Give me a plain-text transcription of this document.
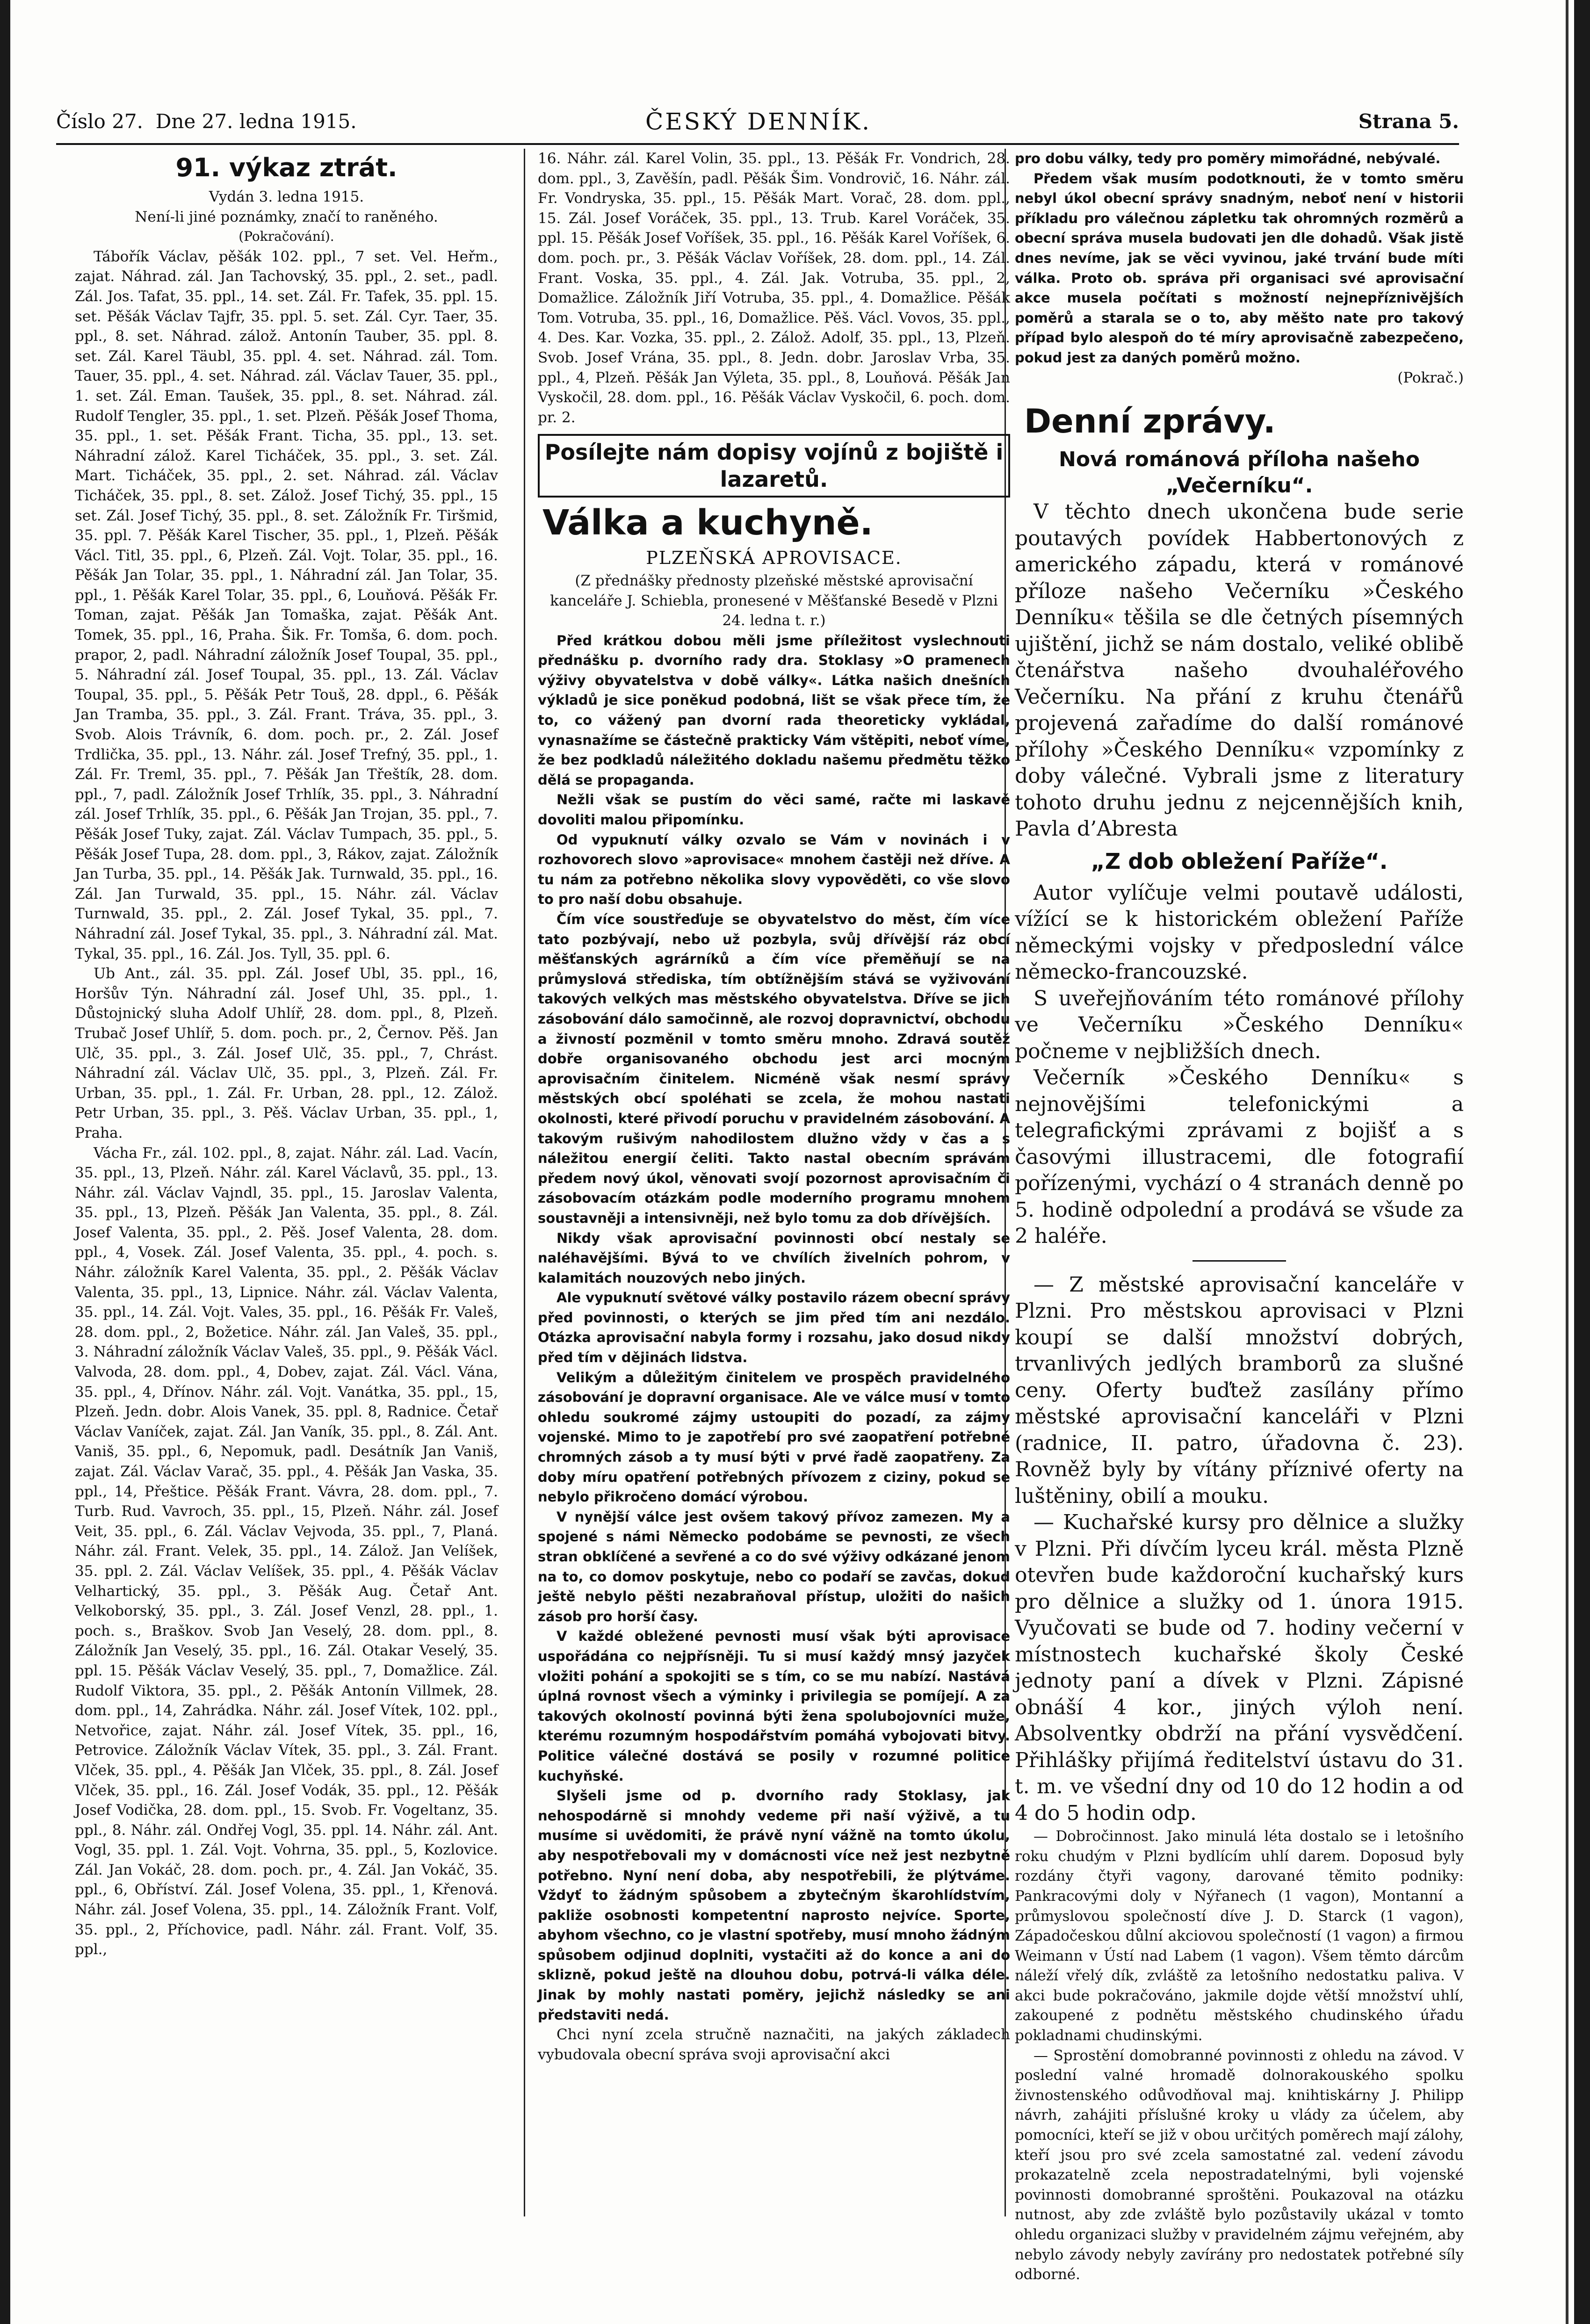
Číslo 27. Dne 27. ledna 1915.	ČESKÝ DENNÍK.	Strana 5.
91. výkaz ztrát.
Vydán 3. ledna 1915.
Není-li jiné poznámky, značí to raněného.
(Pokračování).

Tábořík Václav, pěšák 102. ppl., 7 set. Vel. Heřm., zajat. Náhrad. zál. Jan Tachovský, 35. ppl., 2. set., padl. Zál. Jos. Tafat, 35. ppl., 14. set. Zál. Fr. Tafek, 35. ppl. 15. set. Pěšák Václav Tajfr, 35. ppl. 5. set. Zál. Cyr. Taer, 35. ppl., 8. set. Náhrad. zálož. Antonín Tauber, 35. ppl. 8. set. Zál. Karel Täubl, 35. ppl. 4. set. Náhrad. zál. Tom. Tauer, 35. ppl., 4. set. Náhrad. zál. Václav Tauer, 35. ppl., 1. set. Zál. Eman. Taušek, 35. ppl., 8. set. Náhrad. zál. Rudolf Tengler, 35. ppl., 1. set. Plzeň. Pěšák Josef Thoma, 35. ppl., 1. set. Pěšák Frant. Ticha, 35. ppl., 13. set. Náhradní zálož. Karel Ticháček, 35. ppl., 3. set. Zál. Mart. Ticháček, 35. ppl., 2. set. Náhrad. zál. Václav Ticháček, 35. ppl., 8. set. Zálož. Josef Tichý, 35. ppl., 15 set. Zál. Josef Tichý, 35. ppl., 8. set. Záložník Fr. Tiršmid, 35. ppl. 7. Pěšák Karel Tischer, 35. ppl., 1, Plzeň. Pěšák Václ. Titl, 35. ppl., 6, Plzeň. Zál. Vojt. Tolar, 35. ppl., 16. Pěšák Jan Tolar, 35. ppl., 1. Náhradní zál. Jan Tolar, 35. ppl., 1. Pěšák Karel Tolar, 35. ppl., 6, Louňová. Pěšák Fr. Toman, zajat. Pěšák Jan Tomaška, zajat. Pěšák Ant. Tomek, 35. ppl., 16, Praha. Šik. Fr. Tomša, 6. dom. poch. prapor, 2, padl. Náhradní záložník Josef Toupal, 35. ppl., 5. Náhradní zál. Josef Toupal, 35. ppl., 13. Zál. Václav Toupal, 35. ppl., 5. Pěšák Petr Touš, 28. dppl., 6. Pěšák Jan Tramba, 35. ppl., 3. Zál. Frant. Tráva, 35. ppl., 3. Svob. Alois Trávník, 6. dom. poch. pr., 2. Zál. Josef Trdlička, 35. ppl., 13. Náhr. zál. Josef Trefný, 35. ppl., 1. Zál. Fr. Treml, 35. ppl., 7. Pěšák Jan Třeštík, 28. dom. ppl., 7, padl. Záložník Josef Trhlík, 35. ppl., 3. Náhradní zál. Josef Trhlík, 35. ppl., 6. Pěšák Jan Trojan, 35. ppl., 7. Pěšák Josef Tuky, zajat. Zál. Václav Tumpach, 35. ppl., 5. Pěšák Josef Tupa, 28. dom. ppl., 3, Rákov, zajat. Záložník Jan Turba, 35. ppl., 14. Pěšák Jak. Turnwald, 35. ppl., 16. Zál. Jan Turwald, 35. ppl., 15. Náhr. zál. Václav Turnwald, 35. ppl., 2. Zál. Josef Tykal, 35. ppl., 7. Náhradní zál. Josef Tykal, 35. ppl., 3. Náhradní zál. Mat. Tykal, 35. ppl., 16. Zál. Jos. Tyll, 35. ppl. 6.

Ub Ant., zál. 35. ppl. Zál. Josef Ubl, 35. ppl., 16, Horšův Týn. Náhradní zál. Josef Uhl, 35. ppl., 1. Důstojnický sluha Adolf Uhlíř, 28. dom. ppl., 8, Plzeň. Trubač Josef Uhlíř, 5. dom. poch. pr., 2, Černov. Pěš. Jan Ulč, 35. ppl., 3. Zál. Josef Ulč, 35. ppl., 7, Chrást. Náhradní zál. Václav Ulč, 35. ppl., 3, Plzeň. Zál. Fr. Urban, 35. ppl., 1. Zál. Fr. Urban, 28. ppl., 12. Zálož. Petr Urban, 35. ppl., 3. Pěš. Václav Urban, 35. ppl., 1, Praha.

Vácha Fr., zál. 102. ppl., 8, zajat. Náhr. zál. Lad. Vacín, 35. ppl., 13, Plzeň. Náhr. zál. Karel Václavů, 35. ppl., 13. Náhr. zál. Václav Vajndl, 35. ppl., 15. Jaroslav Valenta, 35. ppl., 13, Plzeň. Pěšák Jan Valenta, 35. ppl., 8. Zál. Josef Valenta, 35. ppl., 2. Pěš. Josef Valenta, 28. dom. ppl., 4, Vosek. Zál. Josef Valenta, 35. ppl., 4. poch. s. Náhr. záložník Karel Valenta, 35. ppl., 2. Pěšák Václav Valenta, 35. ppl., 13, Lipnice. Náhr. zál. Václav Valenta, 35. ppl., 14. Zál. Vojt. Vales, 35. ppl., 16. Pěšák Fr. Valeš, 28. dom. ppl., 2, Božetice. Náhr. zál. Jan Valeš, 35. ppl., 3. Náhradní záložník Václav Valeš, 35. ppl., 9. Pěšák Václ. Valvoda, 28. dom. ppl., 4, Dobev, zajat. Zál. Václ. Vána, 35. ppl., 4, Dřínov. Náhr. zál. Vojt. Vanátka, 35. ppl., 15, Plzeň. Jedn. dobr. Alois Vanek, 35. ppl. 8, Radnice. Četař Václav Vaníček, zajat. Zál. Jan Vaník, 35. ppl., 8. Zál. Ant. Vaniš, 35. ppl., 6, Nepomuk, padl. Desátník Jan Vaniš, zajat. Zál. Václav Varač, 35. ppl., 4. Pěšák Jan Vaska, 35. ppl., 14, Přeštice. Pěšák Frant. Vávra, 28. dom. ppl., 7. Turb. Rud. Vavroch, 35. ppl., 15, Plzeň. Náhr. zál. Josef Veit, 35. ppl., 6. Zál. Václav Vejvoda, 35. ppl., 7, Planá. Náhr. zál. Frant. Velek, 35. ppl., 14. Zálož. Jan Velíšek, 35. ppl. 2. Zál. Václav Velíšek, 35. ppl., 4. Pěšák Václav Velhartický, 35. ppl., 3. Pěšák Aug. Četař Ant. Velkoborský, 35. ppl., 3. Zál. Josef Venzl, 28. ppl., 1. poch. s., Braškov. Svob Jan Veselý, 28. dom. ppl., 8. Záložník Jan Veselý, 35. ppl., 16. Zál. Otakar Veselý, 35. ppl. 15. Pěšák Václav Veselý, 35. ppl., 7, Domažlice. Zál. Rudolf Viktora, 35. ppl., 2. Pěšák Antonín Villmek, 28. dom. ppl., 14, Zahrádka. Náhr. zál. Josef Vítek, 102. ppl., Netvořice, zajat. Náhr. zál. Josef Vítek, 35. ppl., 16, Petrovice. Záložník Václav Vítek, 35. ppl., 3. Zál. Frant. Vlček, 35. ppl., 4. Pěšák Jan Vlček, 35. ppl., 8. Zál. Josef Vlček, 35. ppl., 16. Zál. Josef Vodák, 35. ppl., 12. Pěšák Josef Vodička, 28. dom. ppl., 15. Svob. Fr. Vogeltanz, 35. ppl., 8. Náhr. zál. Ondřej Vogl, 35. ppl. 14. Náhr. zál. Ant. Vogl, 35. ppl. 1. Zál. Vojt. Vohrna, 35. ppl., 5, Kozlovice. Zál. Jan Vokáč, 28. dom. poch. pr., 4. Zál. Jan Vokáč, 35. ppl., 6, Obříství. Zál. Josef Volena, 35. ppl., 1, Křenová. Náhr. zál. Josef Volena, 35. ppl., 14. Záložník Frant. Volf, 35. ppl., 2, Příchovice, padl. Náhr. zál. Frant. Volf, 35. ppl.,

16. Náhr. zál. Karel Volin, 35. ppl., 13. Pěšák Fr. Vondrich, 28. dom. ppl., 3, Zavěšín, padl. Pěšák Šim. Vondrovič, 16. Náhr. zál. Fr. Vondryska, 35. ppl., 15. Pěšák Mart. Vorač, 28. dom. ppl., 15. Zál. Josef Voráček, 35. ppl., 13. Trub. Karel Voráček, 35. ppl. 15. Pěšák Josef Voříšek, 35. ppl., 16. Pěšák Karel Voříšek, 6. dom. poch. pr., 3. Pěšák Václav Voříšek, 28. dom. ppl., 14. Zál. Frant. Voska, 35. ppl., 4. Zál. Jak. Votruba, 35. ppl., 2, Domažlice. Záložník Jiří Votruba, 35. ppl., 4. Domažlice. Pěšák Tom. Votruba, 35. ppl., 16, Domažlice. Pěš. Václ. Vovos, 35. ppl., 4. Des. Kar. Vozka, 35. ppl., 2. Zálož. Adolf, 35. ppl., 13, Plzeň. Svob. Josef Vrána, 35. ppl., 8. Jedn. dobr. Jaroslav Vrba, 35. ppl., 4, Plzeň. Pěšák Jan Výleta, 35. ppl., 8, Louňová. Pěšák Jan Vyskočil, 28. dom. ppl., 16. Pěšák Václav Vyskočil, 6. poch. dom. pr. 2.

Posílejte nám dopisy vojínů z bojiště i lazaretů.
Válka a kuchyně.
PLZEŇSKÁ APROVISACE.

(Z přednášky přednosty plzeňské městské aprovisační kanceláře J. Schiebla, pronesené v Měšťanské Besedě v Plzni 24. ledna t. r.)

Před krátkou dobou měli jsme příležitost vyslechnouti přednášku p. dvorního rady dra. Stoklasy »O pramenech výživy obyvatelstva v době války«. Látka našich dnešních výkladů je sice poněkud podobná, lišt se však přece tím, že to, co vážený pan dvorní rada theoreticky vykládal, vynasnažíme se částečně prakticky Vám vštěpiti, neboť víme, že bez podkladů náležitého dokladu našemu předmětu těžko dělá se propaganda.

Nežli však se pustím do věci samé, račte mi laskavě dovoliti malou připomínku.

Od vypuknutí války ozvalo se Vám v novinách i v rozhovorech slovo »aprovisace« mnohem častěji než dříve. A tu nám za potřebno několika slovy vypověděti, co vše slovo to pro naší dobu obsahuje.

Čím více soustřeďuje se obyvatelstvo do měst, čím více tato pozbývají, nebo už pozbyla, svůj dřívější ráz obcí měšťanských agrárníků a čím více přeměňují se na průmyslová střediska, tím obtížnějším stává se vyživování takových velkých mas městského obyvatelstva. Dříve se jich zásobování dálo samočinně, ale rozvoj dopravnictví, obchodu a živností pozměnil v tomto směru mnoho. Zdravá soutěž dobře organisovaného obchodu jest arci mocným aprovisačním činitelem. Nicméně však nesmí správy městských obcí spoléhati se zcela, že mohou nastati okolnosti, které přivodí poruchu v pravidelném zásobování. A takovým rušivým nahodilostem dlužno vždy v čas a s náležitou energií čeliti. Takto nastal obecním správám předem nový úkol, věnovati svojí pozornost aprovisačním či zásobovacím otázkám podle moderního programu mnohem soustavněji a intensivněji, než bylo tomu za dob dřívějších.

Nikdy však aprovisační povinnosti obcí nestaly se naléhavějšími. Bývá to ve chvílích živelních pohrom, v kalamitách nouzových nebo jiných.

Ale vypuknutí světové války postavilo rázem obecní správy před povinnosti, o kterých se jim před tím ani nezdálo. Otázka aprovisační nabyla formy i rozsahu, jako dosud nikdy před tím v dějinách lidstva.

Velikým a důležitým činitelem ve prospěch pravidelného zásobování je dopravní organisace. Ale ve válce musí v tomto ohledu soukromé zájmy ustoupiti do pozadí, za zájmy vojenské. Mimo to je zapotřebí pro své zaopatření potřebné chromných zásob a ty musí býti v prvé řadě zaopatřeny. Za doby míru opatření potřebných přívozem z ciziny, pokud se nebylo přikročeno domácí výrobou.

V nynější válce jest ovšem takový přívoz zamezen. My a spojené s námi Německo podobáme se pevnosti, ze všech stran obklíčené a sevřené a co do své výživy odkázané jenom na to, co domov poskytuje, nebo co podaří se zavčas, dokud ještě nebylo pěšti nezabraňoval přístup, uložiti do našich zásob pro horší časy.

V každé obležené pevnosti musí však býti aprovisace uspořádána co nejpřísněji. Tu si musí každý mnsý jazyček vložiti pohání a spokojiti se s tím, co se mu nabízí. Nastává úplná rovnost všech a výminky i privilegia se pomíjejí. A za takových okolností povinná býti žena spolubojovníci muže, kterému rozumným hospodářstvím pomáhá vybojovati bitvy. Politice válečné dostává se posily v rozumné politice kuchyňské.

Slyšeli jsme od p. dvorního rady Stoklasy, jak nehospodárně si mnohdy vedeme při naší výživě, a tu musíme si uvědomiti, že právě nyní vážně na tomto úkolu, aby nespotřebovali my v domácnosti více než jest nezbytně potřebno. Nyní není doba, aby nespotřebili, že plýtváme. Vždyť to žádným spůsobem a zbytečným škarohlídstvím, pakliže osobnosti kompetentní naprosto nejvíce. Sporte, abyhom všechno, co je vlastní spotřeby, musí mnoho žádným spůsobem odjinud doplniti, vystačiti až do konce a ani do sklizně, pokud ještě na dlouhou dobu, potrvá-li válka déle. Jinak by mohly nastati poměry, jejichž následky se ani představiti nedá.

Chci nyní zcela stručně naznačiti, na jakých základech vybudovala obecní správa svoji aprovisační akci

pro dobu války, tedy pro poměry mimořádné, nebývalé.

Předem však musím podotknouti, že v tomto směru nebyl úkol obecní správy snadným, neboť není v historii příkladu pro válečnou zápletku tak ohromných rozměrů a obecní správa musela budovati jen dle dohadů. Však jistě dnes nevíme, jak se věci vyvinou, jaké trvání bude míti válka. Proto ob. správa při organisaci své aprovisační akce musela počítati s možností nejnepříznivějších poměrů a starala se o to, aby měšto nate pro takový případ bylo alespoň do té míry aprovisačně zabezpečeno, pokud jest za daných poměrů možno.

(Pokrač.)
Denní zprávy.
Nová románová příloha našeho
„Večerníku“.

V těchto dnech ukončena bude serie poutavých povídek Habbertonových z amerického západu, která v románové příloze našeho Večerníku »Českého Denníku« těšila se dle četných písemných ujištění, jichž se nám dostalo, veliké oblibě čtenářstva našeho dvouhaléřového Večerníku. Na přání z kruhu čtenářů projevená zařadíme do další románové přílohy »Českého Denníku« vzpomínky z doby válečné. Vybrali jsme z literatury tohoto druhu jednu z nejcennějších knih, Pavla d’Abresta

„Z dob obležení Paříže“.

Autor vylíčuje velmi poutavě události, vížící se k historickém obležení Paříže německými vojsky v předposlední válce německo-francouzské.

S uveřejňováním této románové přílohy ve Večerníku »Českého Denníku« počneme v nejbližších dnech.

Večerník »Českého Denníku« s nejnovějšími telefonickými a telegrafickými zprávami z bojišť a s časovými illustracemi, dle fotografií pořízenými, vychází o 4 stranách denně po 5. hodině odpolední a prodává se všude za 2 haléře.

— Z městské aprovisační kanceláře v Plzni. Pro městskou aprovisaci v Plzni koupí se další množství dobrých, trvanlivých jedlých bramborů za slušné ceny. Oferty buďtež zasílány přímo městské aprovisační kanceláři v Plzni (radnice, II. patro, úřadovna č. 23). Rovněž byly by vítány příznivé oferty na luštěniny, obilí a mouku.

— Kuchařské kursy pro dělnice a služky v Plzni. Při dívčím lyceu král. města Plzně otevřen bude každoroční kuchařský kurs pro dělnice a služky od 1. února 1915. Vyučovati se bude od 7. hodiny večerní v místnostech kuchařské školy České jednoty paní a dívek v Plzni. Zápisné obnáší 4 kor., jiných výloh není. Absolventky obdrží na přání vysvědčení. Přihlášky přijímá ředitelství ústavu do 31. t. m. ve všední dny od 10 do 12 hodin a od 4 do 5 hodin odp.

— Dobročinnost. Jako minulá léta dostalo se i letošního roku chudým v Plzni bydlícím uhlí darem. Doposud byly rozdány čtyři vagony, darované těmito podniky: Pankracovými doly v Nýřanech (1 vagon), Montanní a průmyslovou společností díve J. D. Starck (1 vagon), Západočeskou důlní akciovou společností (1 vagon) a firmou Weimann v Ústí nad Labem (1 vagon). Všem těmto dárcům náleží vřelý dík, zvláště za letošního nedostatku paliva. V akci bude pokračováno, jakmile dojde větší množství uhlí, zakoupené z podnětu městského chudinského úřadu pokladnami chudinskými.

— Sprostění domobranné povinnosti z ohledu na závod. V poslední valné hromadě dolnorakouského spolku živnostenského odůvodňoval maj. knihtiskárny J. Philipp návrh, zahájiti příslušné kroky u vlády za účelem, aby pomocníci, kteří se již v obou určitých poměrech mají zálohy, kteří jsou pro své zcela samostatné zal. vedení závodu prokazatelně zcela nepostradatelnými, byli vojenské povinnosti domobranné sproštěni. Poukazoval na otázku nutnost, aby zde zvláště bylo pozůstavily ukázal v tomto ohledu organizaci služby v pravidelném zájmu veřejném, aby nebylo závody nebyly zavírány pro nedostatek potřebné síly odborné.
